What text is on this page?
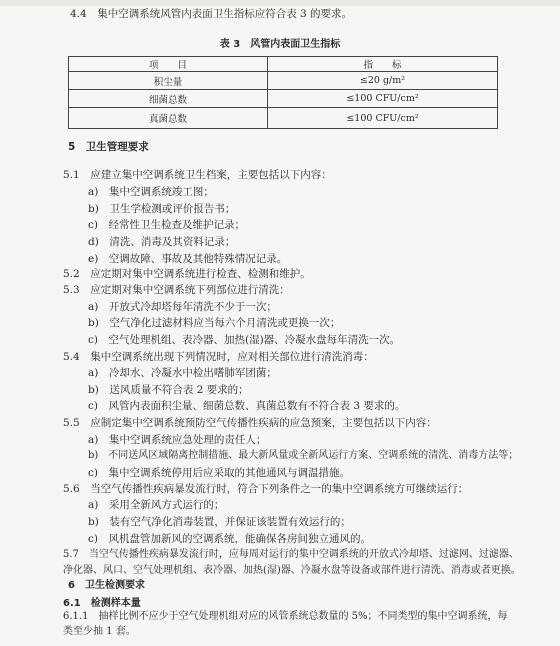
4.4　集中空调系统风管内表面卫生指标应符合表 3 的要求。
表 3　风管内表面卫生指标
项　　目	指　　标
积尘量	≤20 g/m²
细菌总数	≤100 CFU/cm²
真菌总数	≤100 CFU/cm²
5　卫生管理要求
5.1　应建立集中空调系统卫生档案，主要包括以下内容：
a)　集中空调系统竣工图；
b)　卫生学检测或评价报告书；
c)　经常性卫生检查及维护记录；
d)　清洗、消毒及其资料记录；
e)　空调故障、事故及其他特殊情况记录。
5.2　应定期对集中空调系统进行检查、检测和维护。
5.3　应定期对集中空调系统下列部位进行清洗：
a)　开放式冷却塔每年清洗不少于一次；
b)　空气净化过滤材料应当每六个月清洗或更换一次；
c)　空气处理机组、表冷器、加热(湿)器、冷凝水盘每年清洗一次。
5.4　集中空调系统出现下列情况时，应对相关部位进行清洗消毒：
a)　冷却水、冷凝水中检出嗜肺军团菌；
b)　送风质量不符合表 2 要求的；
c)　风管内表面积尘量、细菌总数、真菌总数有不符合表 3 要求的。
5.5　应制定集中空调系统预防空气传播性疾病的应急预案，主要包括以下内容：
a)　集中空调系统应急处理的责任人；
b)　不同送风区域隔离控制措施、最大新风量或全新风运行方案、空调系统的清洗、消毒方法等；
c)　集中空调系统停用后应采取的其他通风与调温措施。
5.6　当空气传播性疾病暴发流行时，符合下列条件之一的集中空调系统方可继续运行：
a)　采用全新风方式运行的；
b)　装有空气净化消毒装置，并保证该装置有效运行的；
c)　风机盘管加新风的空调系统，能确保各房间独立通风的。
5.7　当空气传播性疾病暴发流行时，应每周对运行的集中空调系统的开放式冷却塔、过滤网、过滤器、
净化器、风口、空气处理机组、表冷器、加热(湿)器、冷凝水盘等设备或部件进行清洗、消毒或者更换。
6　卫生检测要求
6.1　检测样本量
6.1.1　抽样比例不应少于空气处理机组对应的风管系统总数量的 5%；不同类型的集中空调系统，每
类至少抽 1 套。
